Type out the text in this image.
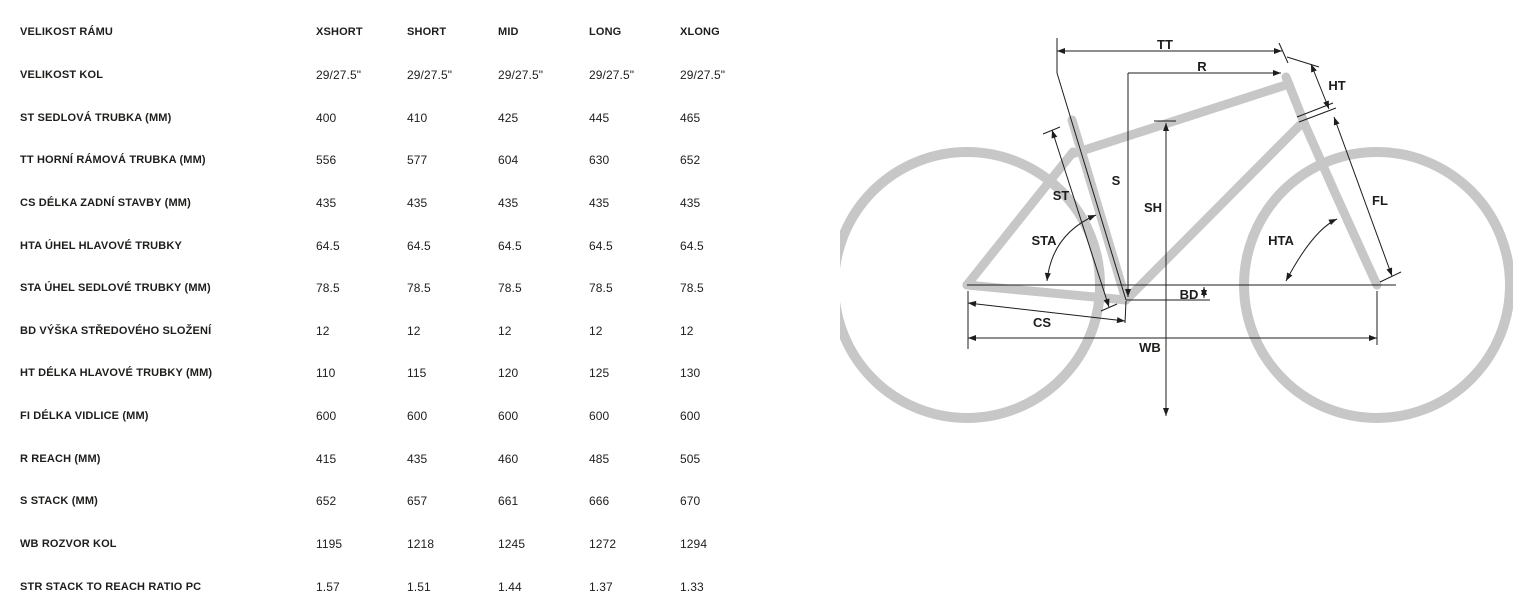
VELIKOST RÁMU	XSHORT	SHORT	MID	LONG	XLONG
VELIKOST KOL	29/27.5"	29/27.5"	29/27.5"	29/27.5"	29/27.5"
ST SEDLOVÁ TRUBKA (MM)	400	410	425	445	465
TT HORNÍ RÁMOVÁ TRUBKA (MM)	556	577	604	630	652
CS DÉLKA ZADNÍ STAVBY (MM)	435	435	435	435	435
HTA ÚHEL HLAVOVÉ TRUBKY	64.5	64.5	64.5	64.5	64.5
STA ÚHEL SEDLOVÉ TRUBKY (MM)	78.5	78.5	78.5	78.5	78.5
BD VÝŠKA STŘEDOVÉHO SLOŽENÍ	12	12	12	12	12
HT DÉLKA HLAVOVÉ TRUBKY (MM)	110	115	120	125	130
FI DÉLKA VIDLICE (MM)	600	600	600	600	600
R REACH (MM)	415	435	460	485	505
S STACK (MM)	652	657	661	666	670
WB ROZVOR KOL	1195	1218	1245	1272	1294
STR STACK TO REACH RATIO PC	1.57	1.51	1.44	1.37	1.33
TT
R
S
SH
HT
FL
HTA
STA
ST
CS
BD
WB
